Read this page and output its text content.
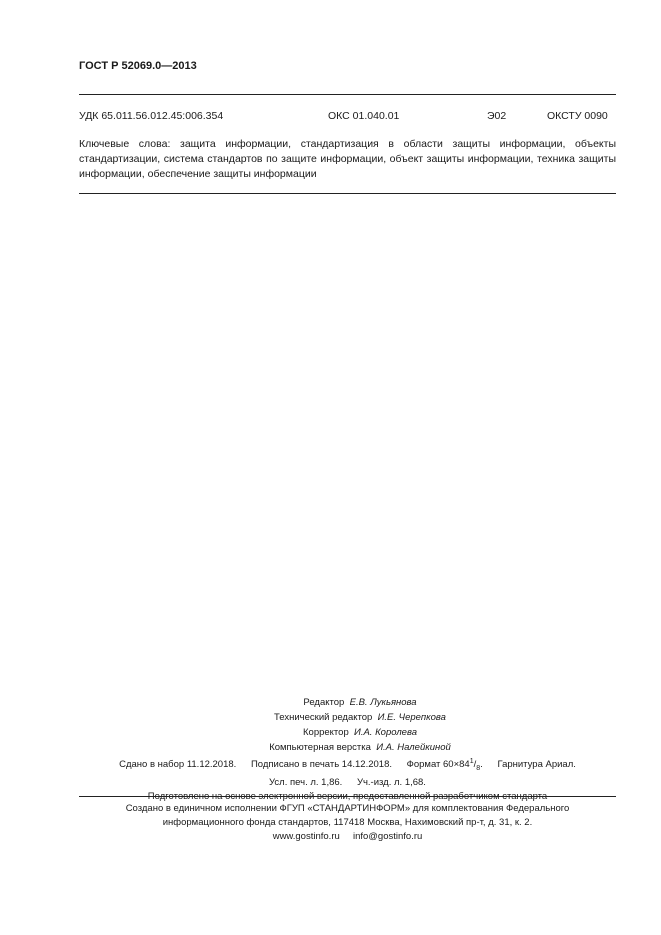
ГОСТ Р 52069.0—2013
УДК 65.011.56.012.45:006.354	ОКС 01.040.01	Э02	ОКСТУ 0090
Ключевые слова: защита информации, стандартизация в области защиты информации, объекты стандартизации, система стандартов по защите информации, объект защиты информации, техника защиты информации, обеспечение защиты информации
Редактор Е.В. Лукьянова
Технический редактор И.Е. Черепкова
Корректор И.А. Королева
Компьютерная верстка И.А. Налейкиной
Сдано в набор 11.12.2018. Подписано в печать 14.12.2018. Формат $60\times 84^1/_8$. Гарнитура Ариал.
Усл. печ. л. 1,86. Уч.-изд. л. 1,68.
Подготовлено на основе электронной версии, предоставленной разработчиком стандарта
Создано в единичном исполнении ФГУП «СТАНДАРТИНФОРМ» для комплектования Федерального
информационного фонда стандартов, 117418 Москва, Нахимовский пр-т, д. 31, к. 2.
www.gostinfo.ru info@gostinfo.ru
